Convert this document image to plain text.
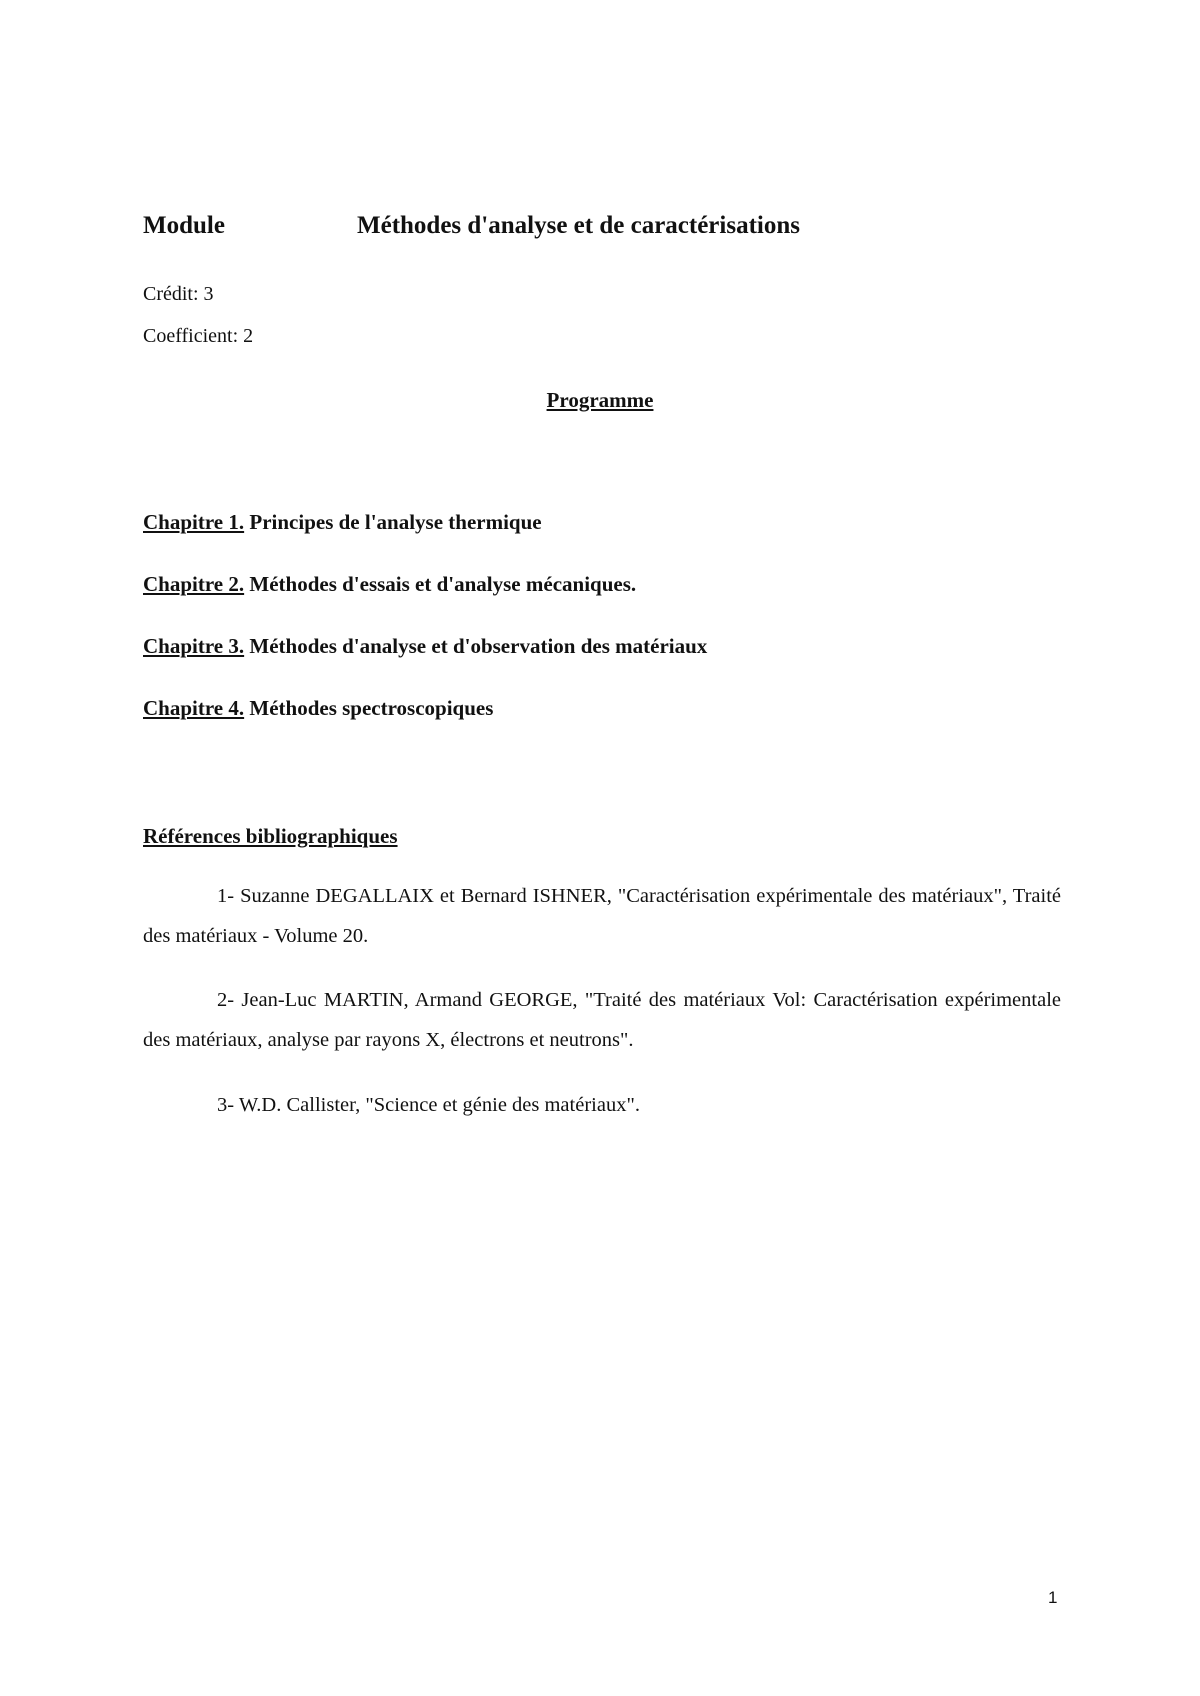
Module	Méthodes d'analyse et de caractérisations
Crédit: 3
Coefficient: 2
Programme
Chapitre 1. Principes de l'analyse thermique
Chapitre 2. Méthodes d'essais et d'analyse mécaniques.
Chapitre 3. Méthodes d'analyse et d'observation des matériaux
Chapitre 4. Méthodes spectroscopiques
Références bibliographiques
1- Suzanne DEGALLAIX et Bernard ISHNER, "Caractérisation expérimentale des matériaux", Traité des matériaux - Volume 20.
2- Jean-Luc MARTIN, Armand GEORGE, "Traité des matériaux Vol: Caractérisation expérimentale des matériaux, analyse par rayons X, électrons et neutrons".
3- W.D. Callister, "Science et génie des matériaux".
1
